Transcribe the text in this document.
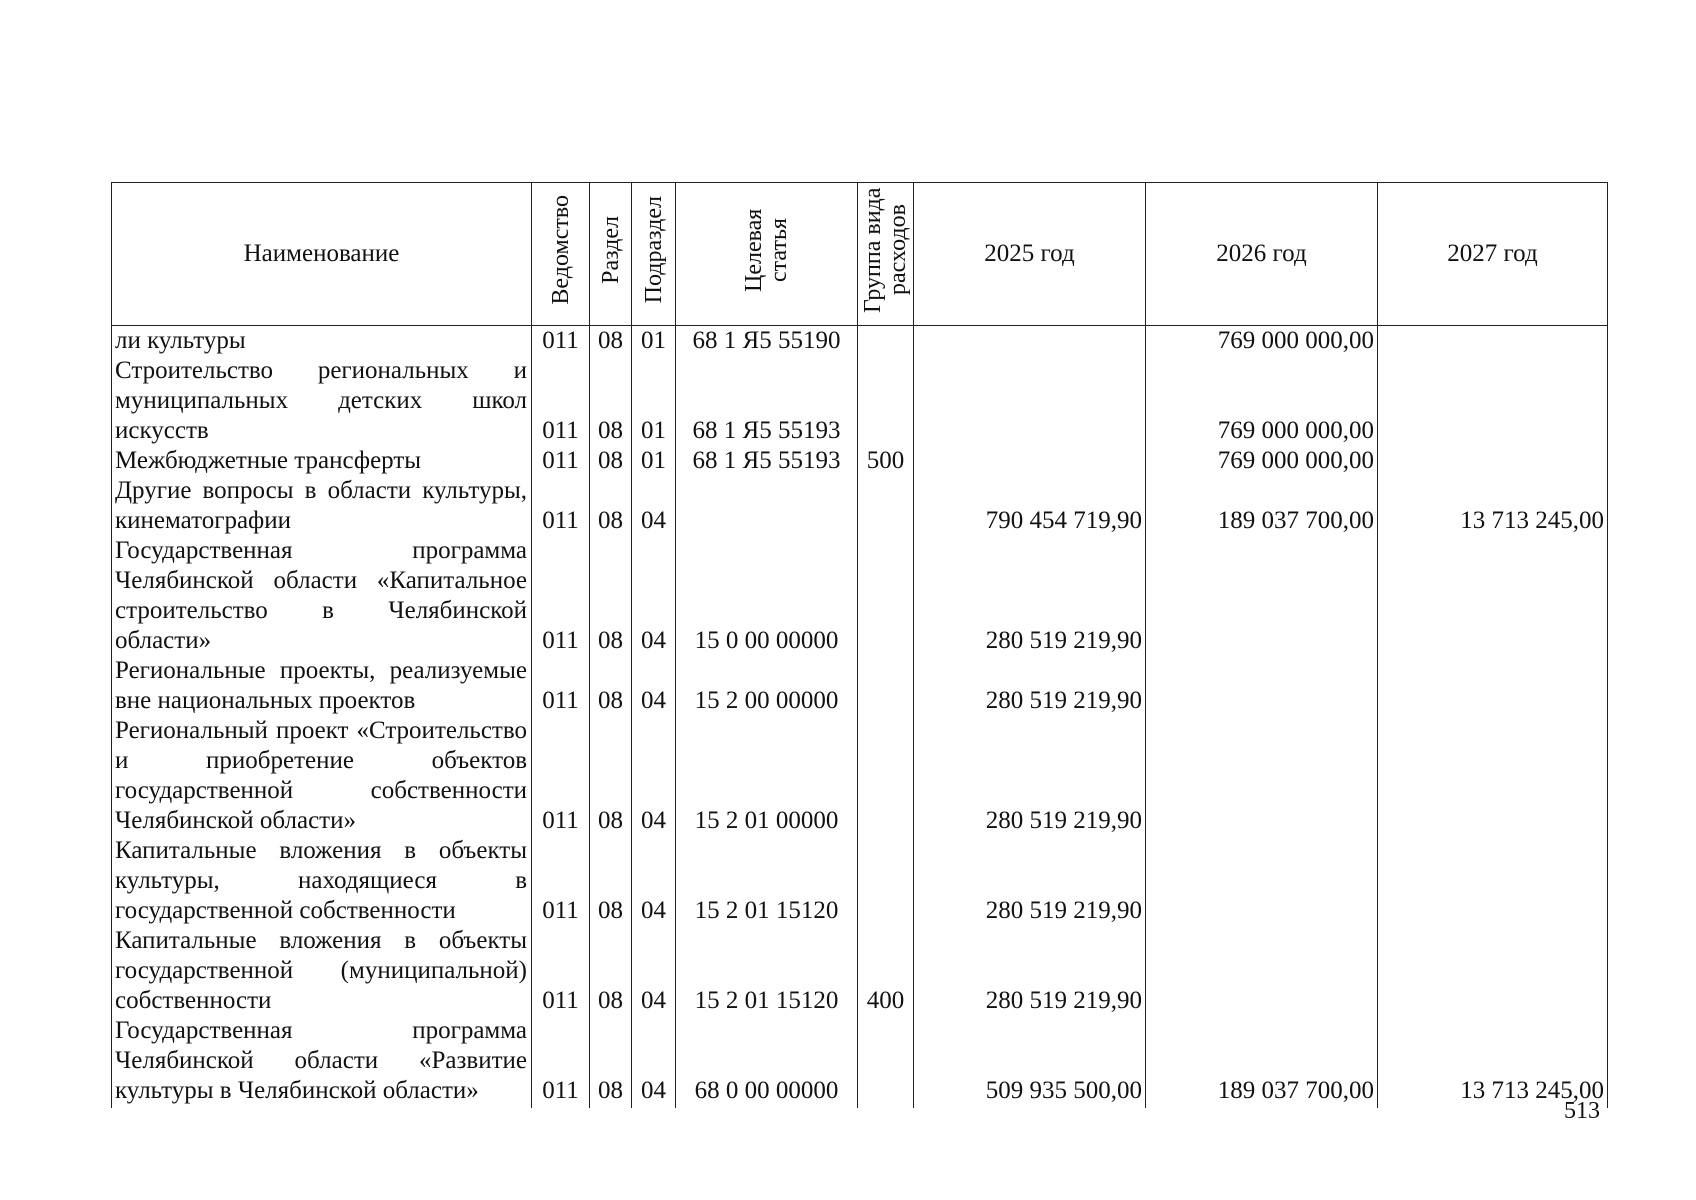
Наименование	Ведомство	Раздел	Подраздел	Целевая статья	Группа вида расходов	2025 год	2026 год	2027 год
ли культуры	011	08	01	68 1 Я5 55190			769 000 000,00	
Строительство региональных и муниципальных детских школ искусств	011	08	01	68 1 Я5 55193			769 000 000,00	
Межбюджетные трансферты	011	08	01	68 1 Я5 55193	500		769 000 000,00	
Другие вопросы в области культуры, кинематографии	011	08	04			790 454 719,90	189 037 700,00	13 713 245,00
Государственная программа Челябинской области «Капитальное строительство в Челябинской области»	011	08	04	15 0 00 00000		280 519 219,90		
Региональные проекты, реализуемые вне национальных проектов	011	08	04	15 2 00 00000		280 519 219,90		
Региональный проект «Строительство и приобретение объектов государственной собственности Челябинской области»	011	08	04	15 2 01 00000		280 519 219,90		
Капитальные вложения в объекты культуры, находящиеся в государственной собственности	011	08	04	15 2 01 15120		280 519 219,90		
Капитальные вложения в объекты государственной (муниципальной) собственности	011	08	04	15 2 01 15120	400	280 519 219,90		
Государственная программа Челябинской области «Развитие культуры в Челябинской области»	011	08	04	68 0 00 00000		509 935 500,00	189 037 700,00	13 713 245,00
513
